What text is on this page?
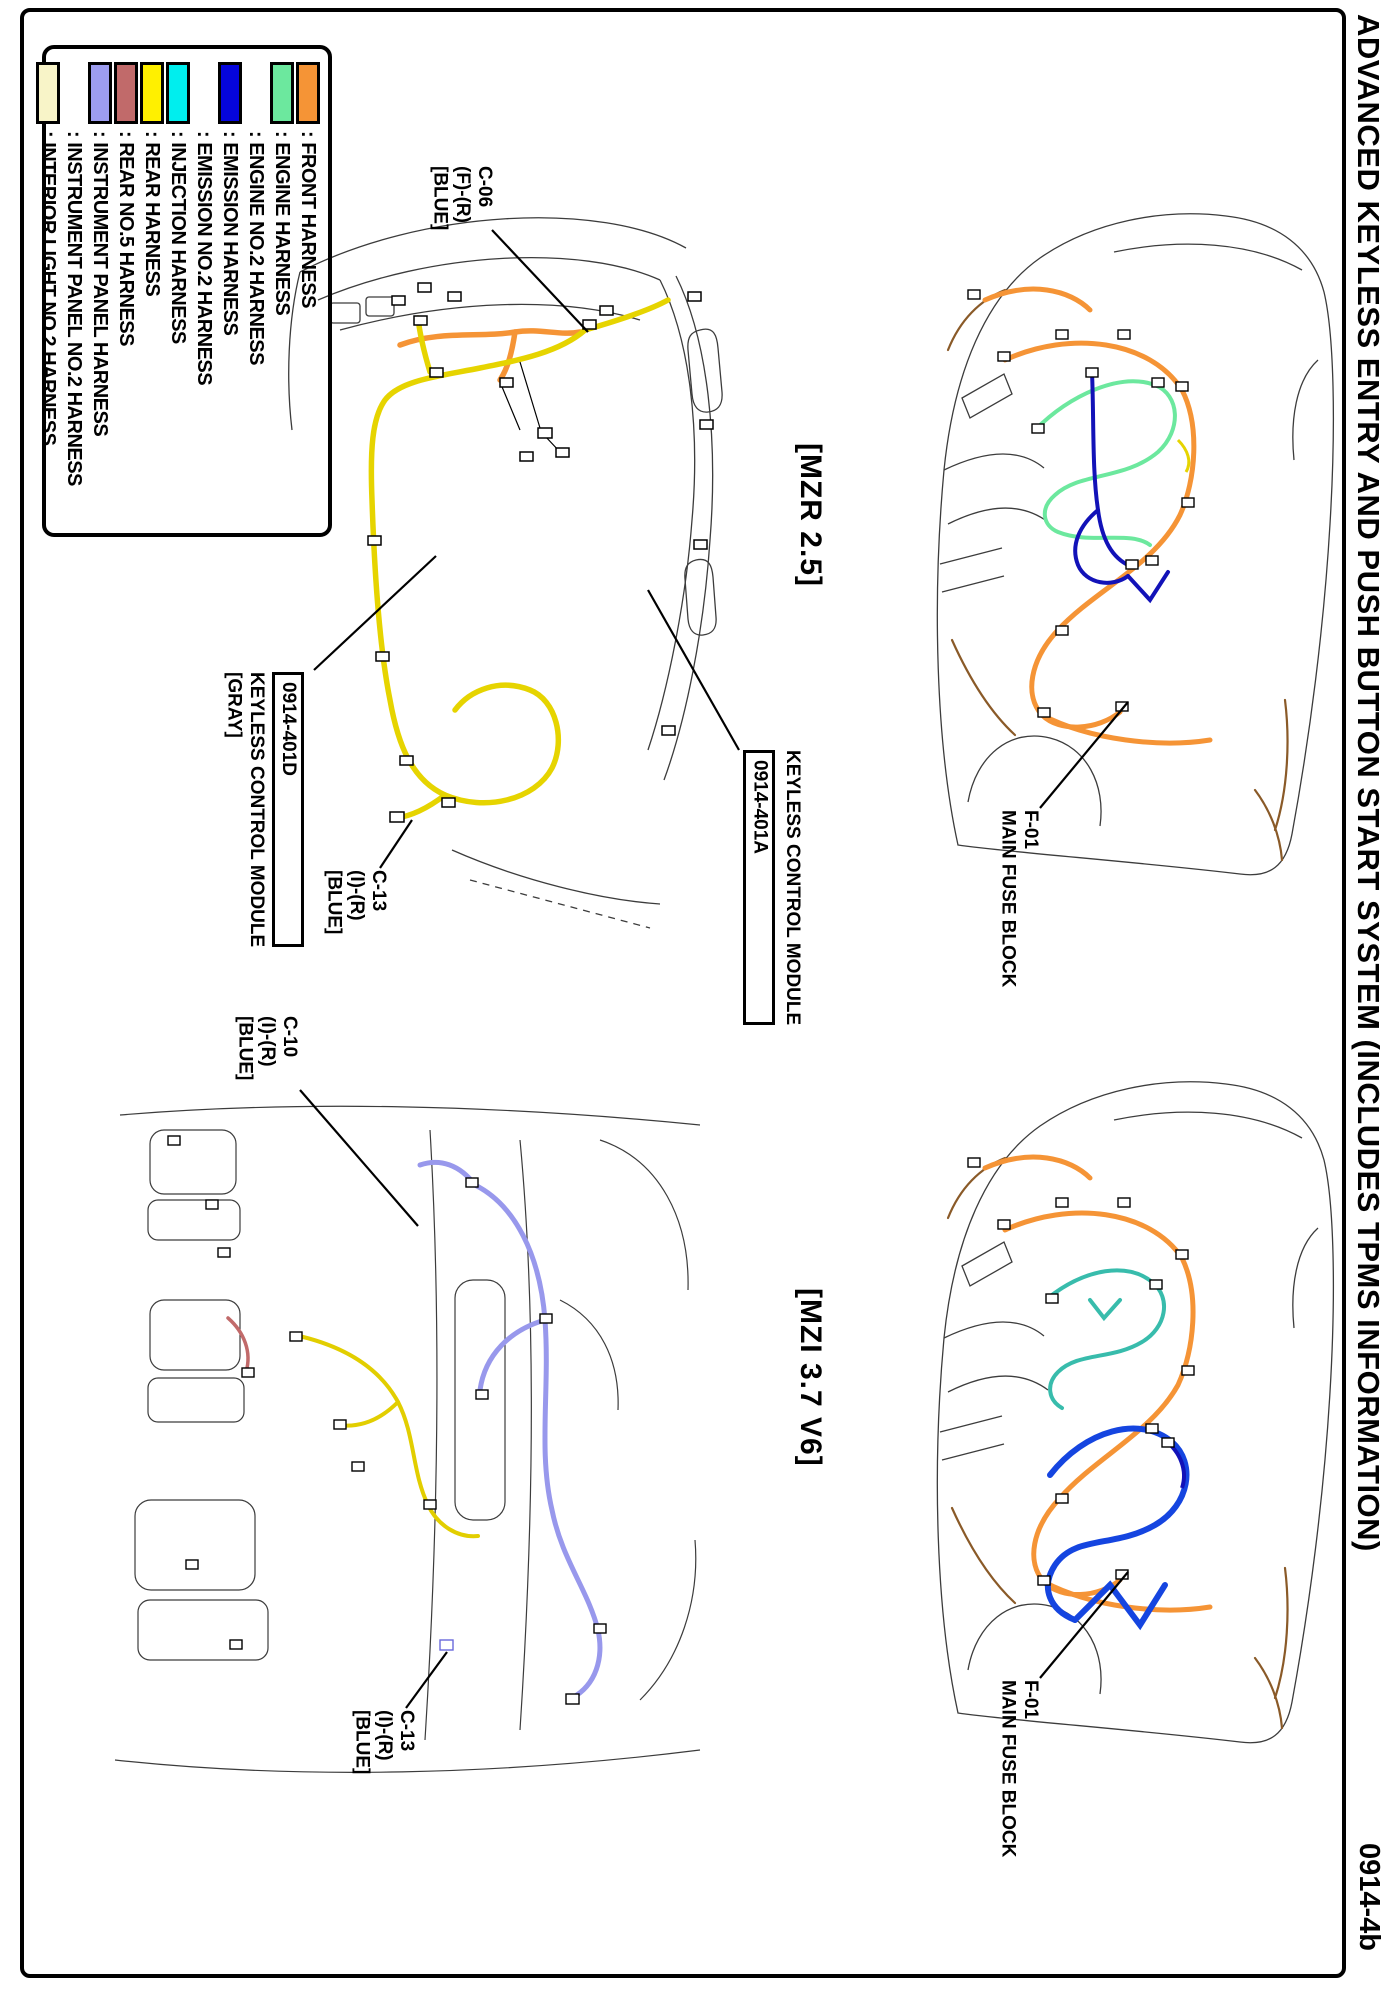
: FRONT HARNESS
: ENGINE HARNESS
: ENGINE NO.2 HARNESS
: EMISSION HARNESS
: EMISSION NO.2 HARNESS
: INJECTION HARNESS
: REAR HARNESS
: REAR NO.5 HARNESS
: INSTRUMENT PANEL HARNESS
: INSTRUMENT PANEL NO.2 HARNESS
: INTERIOR LIGHT NO.2 HARNESS	C-06
(F)-(R)
[BLUE]
0914-401D
KEYLESS CONTROL MODULE
[GRAY]
KEYLESS CONTROL MODULE
0914-401A
C-13
(I)-(R)
[BLUE]
[MZR 2.5]
F-01
MAIN FUSE BLOCK
C-10
(I)-(R)
[BLUE]
[MZI 3.7 V6]
C-13
(I)-(R)
[BLUE]
F-01
MAIN FUSE BLOCK
ADVANCED KEYLESS ENTRY AND PUSH BUTTON START SYSTEM (INCLUDES TPMS INFORMATION)
0914-4b
